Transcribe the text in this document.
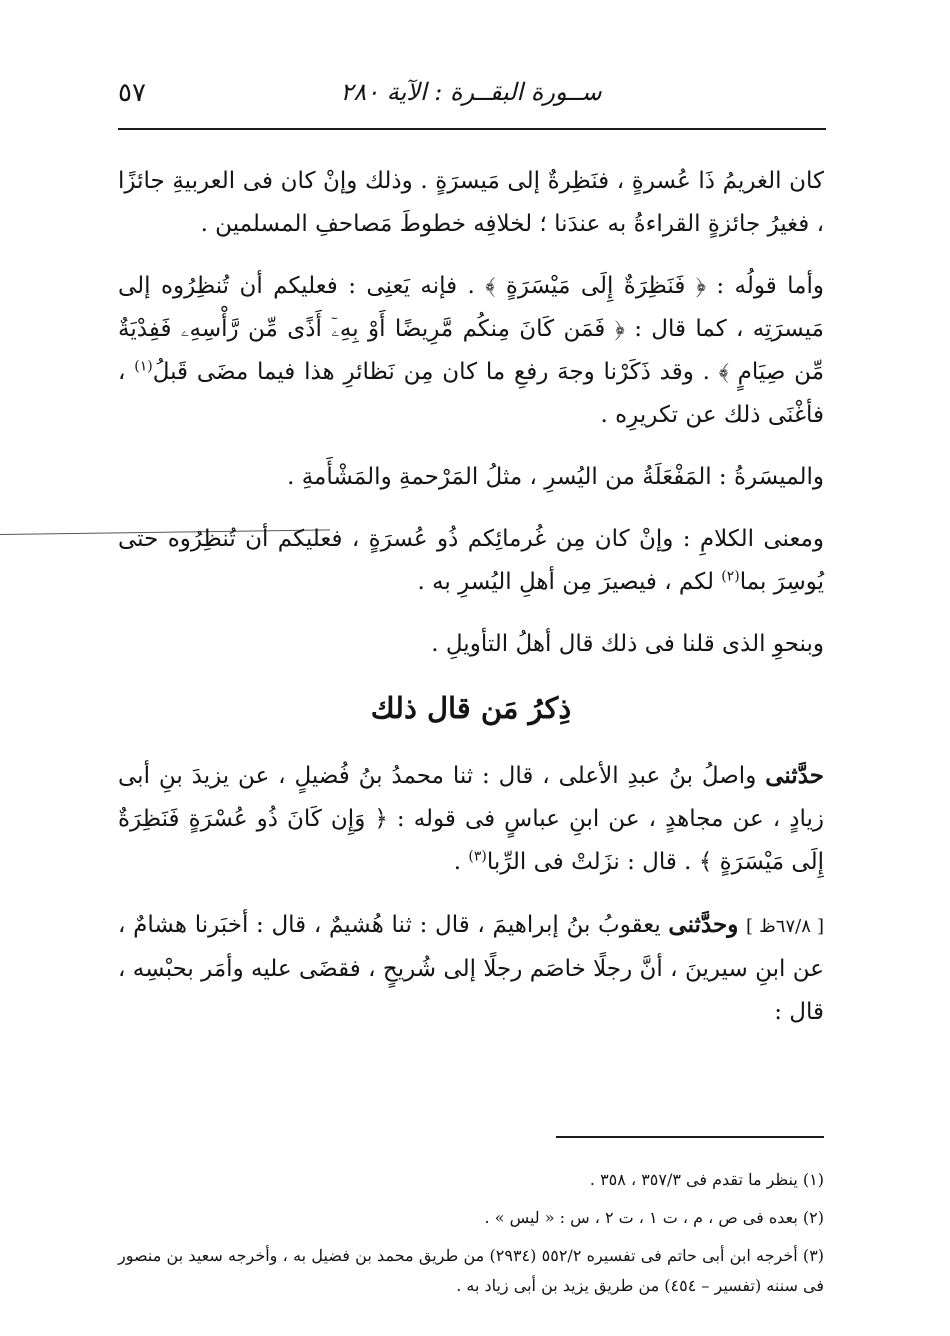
ســورة البقــرة : الآية ٢٨٠
٥٧

كان الغريمُ ذَا عُسرةٍ ، فنَظِرةٌ إلى مَيسرَةٍ . وذلك وإنْ كان فى العربيةِ جائزًا ، فغيرُ جائزةٍ القراءةُ به عندَنا ؛ لخلافِه خطوطَ مَصاحفِ المسلمين .

وأما قولُه : ﴿ فَنَظِرَةٌ إِلَى مَيْسَرَةٍ ﴾ . فإنه يَعنِى : فعليكم أن تُنظِرُوه إلى مَيسرَتِه ، كما قال : ﴿ فَمَن كَانَ مِنكُم مَّرِيضًا أَوْ بِهِۦٓ أَذًى مِّن رَّأْسِهِۦ فَفِدْيَةٌ مِّن صِيَامٍ ﴾ . وقد ذَكَرْنا وجهَ رفعِ ما كان مِن نَظائرِ هذا فيما مضَى قَبلُ$^{(١)}$ ، فأغْنَى ذلك عن تكريرِه .

والميسَرةُ : المَفْعَلَةُ من اليُسرِ ، مثلُ المَرْحمةِ والمَشْأَمةِ .

ومعنى الكلامِ : وإنْ كان مِن غُرمائِكم ذُو عُسرَةٍ ، فعليكم أن تُنظِرُوه حتى يُوسِرَ بما$^{(٢)}$ لكم ، فيصيرَ مِن أهلِ اليُسرِ به .

وبنحوِ الذى قلنا فى ذلك قال أهلُ التأويلِ .

ذِكرُ مَن قال ذلك

حدَّثنى واصلُ بنُ عبدِ الأعلى ، قال : ثنا محمدُ بنُ فُضيلٍ ، عن يزيدَ بنِ أبى زيادٍ ، عن مجاهدٍ ، عن ابنِ عباسٍ فى قوله : ﴿ وَإِن كَانَ ذُو عُسْرَةٍ فَنَظِرَةٌ إِلَى مَيْسَرَةٍ ﴾ . قال : نزَلتْ فى الرِّبا$^{(٣)}$ .

[ ٦٧/٨ظ ] وحدَّثنى يعقوبُ بنُ إبراهيمَ ، قال : ثنا هُشيمٌ ، قال : أخبَرنا هشامٌ ، عن ابنِ سيرينَ ، أنَّ رجلًا خاصَم رجلًا إلى شُريحٍ ، فقضَى عليه وأمَر بحبْسِه ، قال :

(١) ينظر ما تقدم فى ٣/‏٣٥٧ ، ٣٥٨ .

(٢) بعده فى ص ، م ، ت ١ ، ت ٢ ، س : « ليس » .

(٣) أخرجه ابن أبى حاتم فى تفسيره ٢/‏٥٥٢ (٢٩٣٤) من طريق محمد بن فضيل به ، وأخرجه سعيد بن منصور فى سننه (تفسير – ٤٥٤) من طريق يزيد بن أبى زياد به .
